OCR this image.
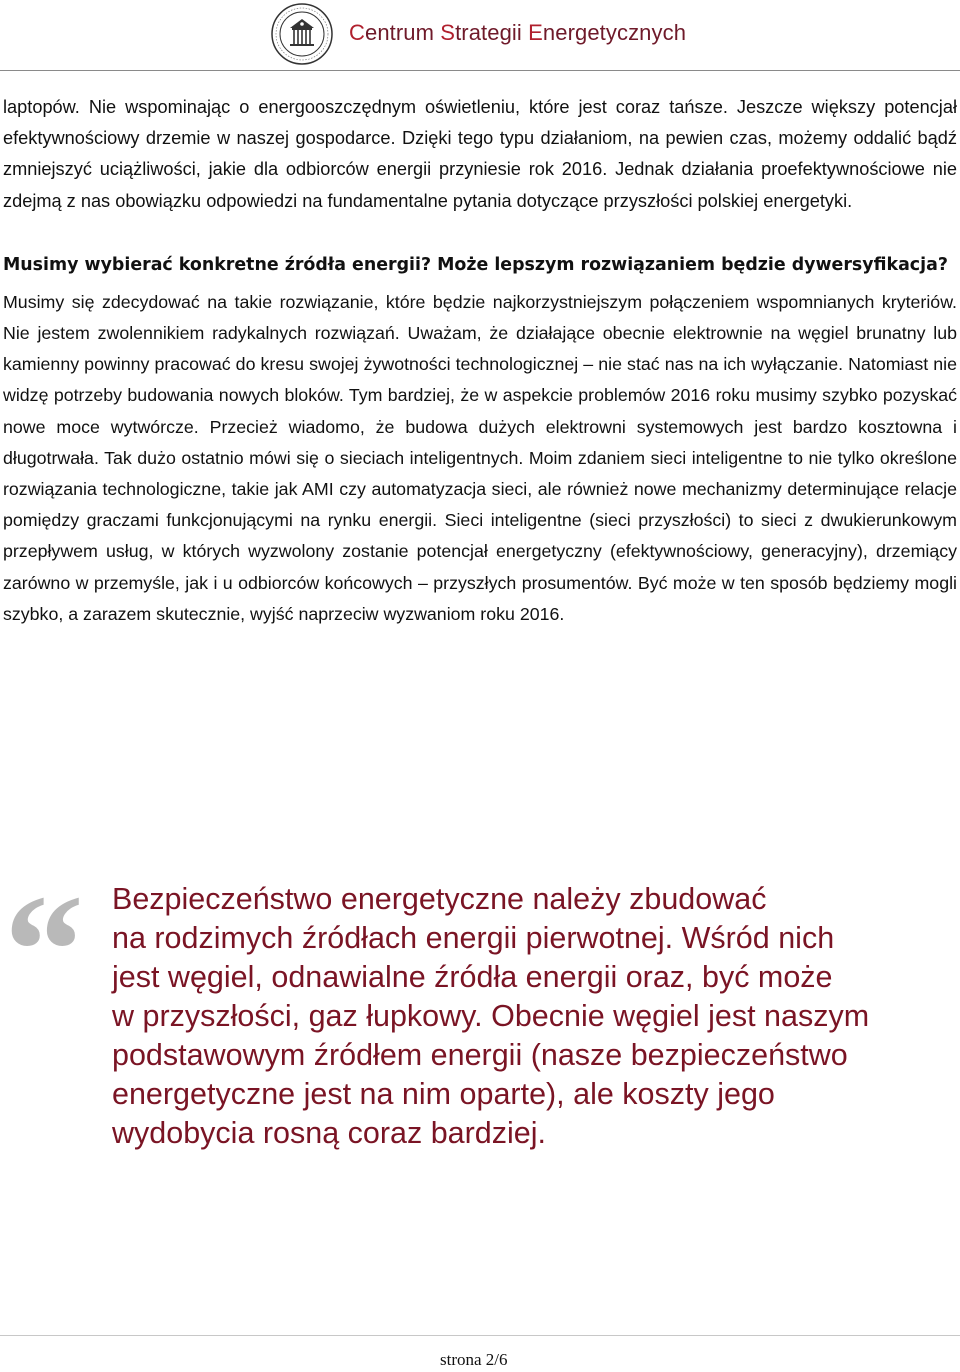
Centrum Strategii Energetycznych

laptopów. Nie wspominając o energooszczędnym oświetleniu, które jest coraz tańsze. Jeszcze większy potencjał efektywnościowy drzemie w naszej gospodarce. Dzięki tego typu działaniom, na pewien czas, możemy oddalić bądź zmniejszyć uciążliwości, jakie dla odbiorców energii przyniesie rok 2016. Jednak działania proefektywnościowe nie zdejmą z nas obowiązku odpowiedzi na fundamentalne pytania dotyczące przyszłości polskiej energetyki.

Musimy wybierać konkretne źródła energii? Może lepszym rozwiązaniem będzie dywersyfikacja?

Musimy się zdecydować na takie rozwiązanie, które będzie najkorzystniejszym połączeniem wspomnianych kryteriów. Nie jestem zwolennikiem radykalnych rozwiązań. Uważam, że działające obecnie elektrownie na węgiel brunatny lub kamienny powinny pracować do kresu swojej żywotności technologicznej – nie stać nas na ich wyłączanie. Natomiast nie widzę potrzeby budowania nowych bloków. Tym bardziej, że w aspekcie problemów 2016 roku musimy szybko pozyskać nowe moce wytwórcze. Przecież wiadomo, że budowa dużych elektrowni systemowych jest bardzo kosztowna i długotrwała. Tak dużo ostatnio mówi się o sieciach inteligentnych. Moim zdaniem sieci inteligentne to nie tylko określone rozwiązania technologiczne, takie jak AMI czy automatyzacja sieci, ale również nowe mechanizmy determinujące relacje pomiędzy graczami funkcjonującymi na rynku energii. Sieci inteligentne (sieci przyszłości) to sieci z dwukierunkowym przepływem usług, w których wyzwolony zostanie potencjał energetyczny (efektywnościowy, generacyjny), drzemiący zarówno w przemyśle, jak i u odbiorców końcowych – przyszłych prosumentów. Być może w ten sposób będziemy mogli szybko, a zarazem skutecznie, wyjść naprzeciw wyzwaniom roku 2016.

“ Bezpieczeństwo energetyczne należy zbudować
na rodzimych źródłach energii pierwotnej. Wśród nich
jest węgiel, odnawialne źródła energii oraz, być może
w przyszłości, gaz łupkowy. Obecnie węgiel jest naszym
podstawowym źródłem energii (nasze bezpieczeństwo
energetyczne jest na nim oparte), ale koszty jego
wydobycia rosną coraz bardziej.
strona 2/6
